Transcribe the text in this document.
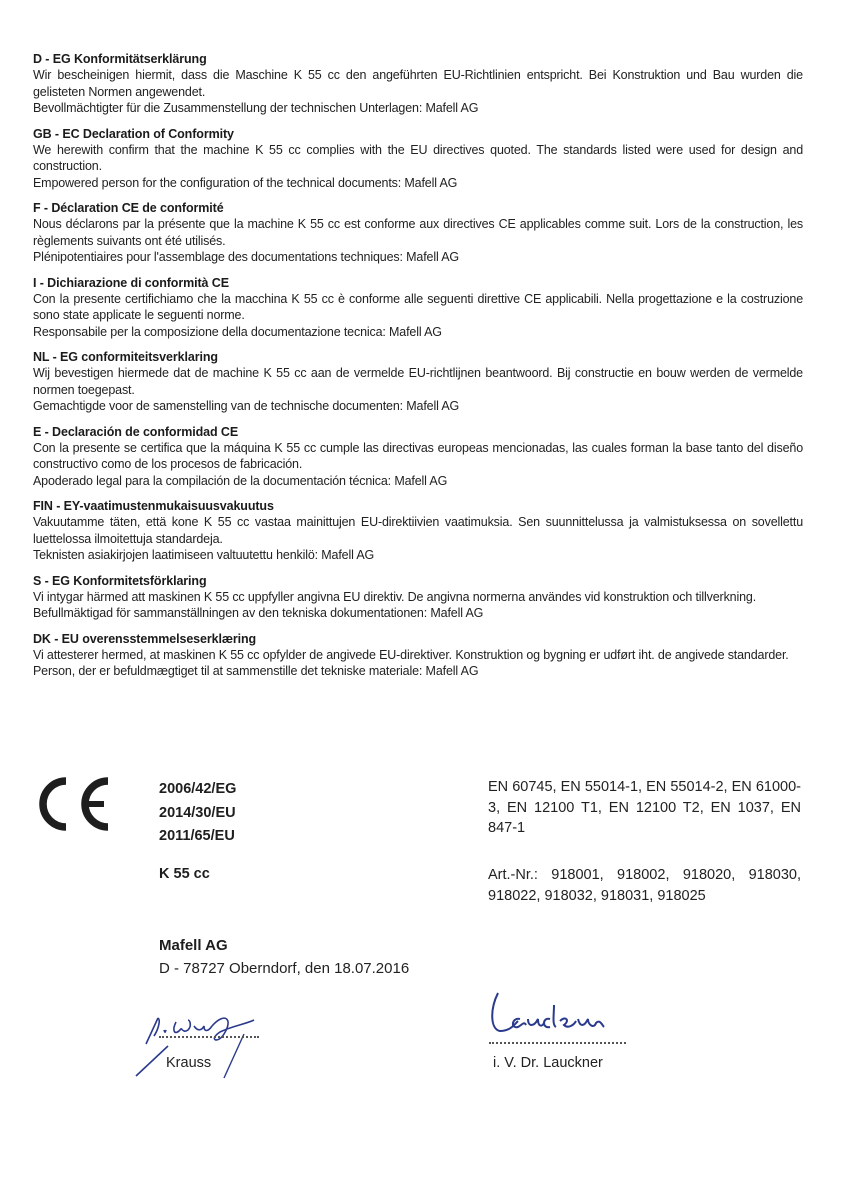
D - EG Konformitätserklärung
Wir bescheinigen hiermit, dass die Maschine K 55 cc den angeführten EU-Richtlinien entspricht. Bei Konstruktion und Bau wurden die gelisteten Normen angewendet.
Bevollmächtigter für die Zusammenstellung der technischen Unterlagen: Mafell AG
GB - EC Declaration of Conformity
We herewith confirm that the machine K 55 cc complies with the EU directives quoted. The standards listed were used for design and construction.
Empowered person for the configuration of the technical documents: Mafell AG
F - Déclaration CE de conformité
Nous déclarons par la présente que la machine K 55 cc est conforme aux directives CE applicables comme suit. Lors de la construction, les règlements suivants ont été utilisés.
Plénipotentiaires pour l'assemblage des documentations techniques: Mafell AG
I - Dichiarazione di conformità CE
Con la presente certifichiamo che la macchina K 55 cc è conforme alle seguenti direttive CE applicabili. Nella progettazione e la costruzione sono state applicate le seguenti norme.
Responsabile per la composizione della documentazione tecnica: Mafell AG
NL - EG conformiteitsverklaring
Wij bevestigen hiermede dat de machine K 55 cc aan de vermelde EU-richtlijnen beantwoord. Bij constructie en bouw werden de vermelde normen toegepast.
Gemachtigde voor de samenstelling van de technische documenten: Mafell AG
E - Declaración de conformidad CE
Con la presente se certifica que la máquina K 55 cc cumple las directivas europeas mencionadas, las cuales forman la base tanto del diseño constructivo como de los procesos de fabricación.
Apoderado legal para la compilación de la documentación técnica: Mafell AG
FIN - EY-vaatimustenmukaisuusvakuutus
Vakuutamme täten, että kone K 55 cc vastaa mainittujen EU-direktiivien vaatimuksia. Sen suunnittelussa ja valmistuksessa on sovellettu luettelossa ilmoitettuja standardeja.
Teknisten asiakirjojen laatimiseen valtuutettu henkilö: Mafell AG
S - EG Konformitetsförklaring
Vi intygar härmed att maskinen K 55 cc uppfyller angivna EU direktiv. De angivna normerna användes vid konstruktion och tillverkning.
Befullmäktigad för sammanställningen av den tekniska dokumentationen: Mafell AG
DK - EU overensstemmelseserklæring
Vi attesterer hermed, at maskinen K 55 cc opfylder de angivede EU-direktiver. Konstruktion og bygning er udført iht. de angivede standarder.
Person, der er befuldmægtiget til at sammenstille det tekniske materiale: Mafell AG
2006/42/EG
2014/30/EU
2011/65/EU
EN 60745, EN 55014-1, EN 55014-2, EN 61000-3, EN 12100 T1, EN 12100 T2, EN 1037, EN 847-1
K 55 cc	Art.-Nr.: 918001, 918002, 918020, 918030, 918022, 918032, 918031, 918025
Mafell AG
D - 78727 Oberndorf, den 18.07.2016
Krauss	i. V. Dr. Lauckner
